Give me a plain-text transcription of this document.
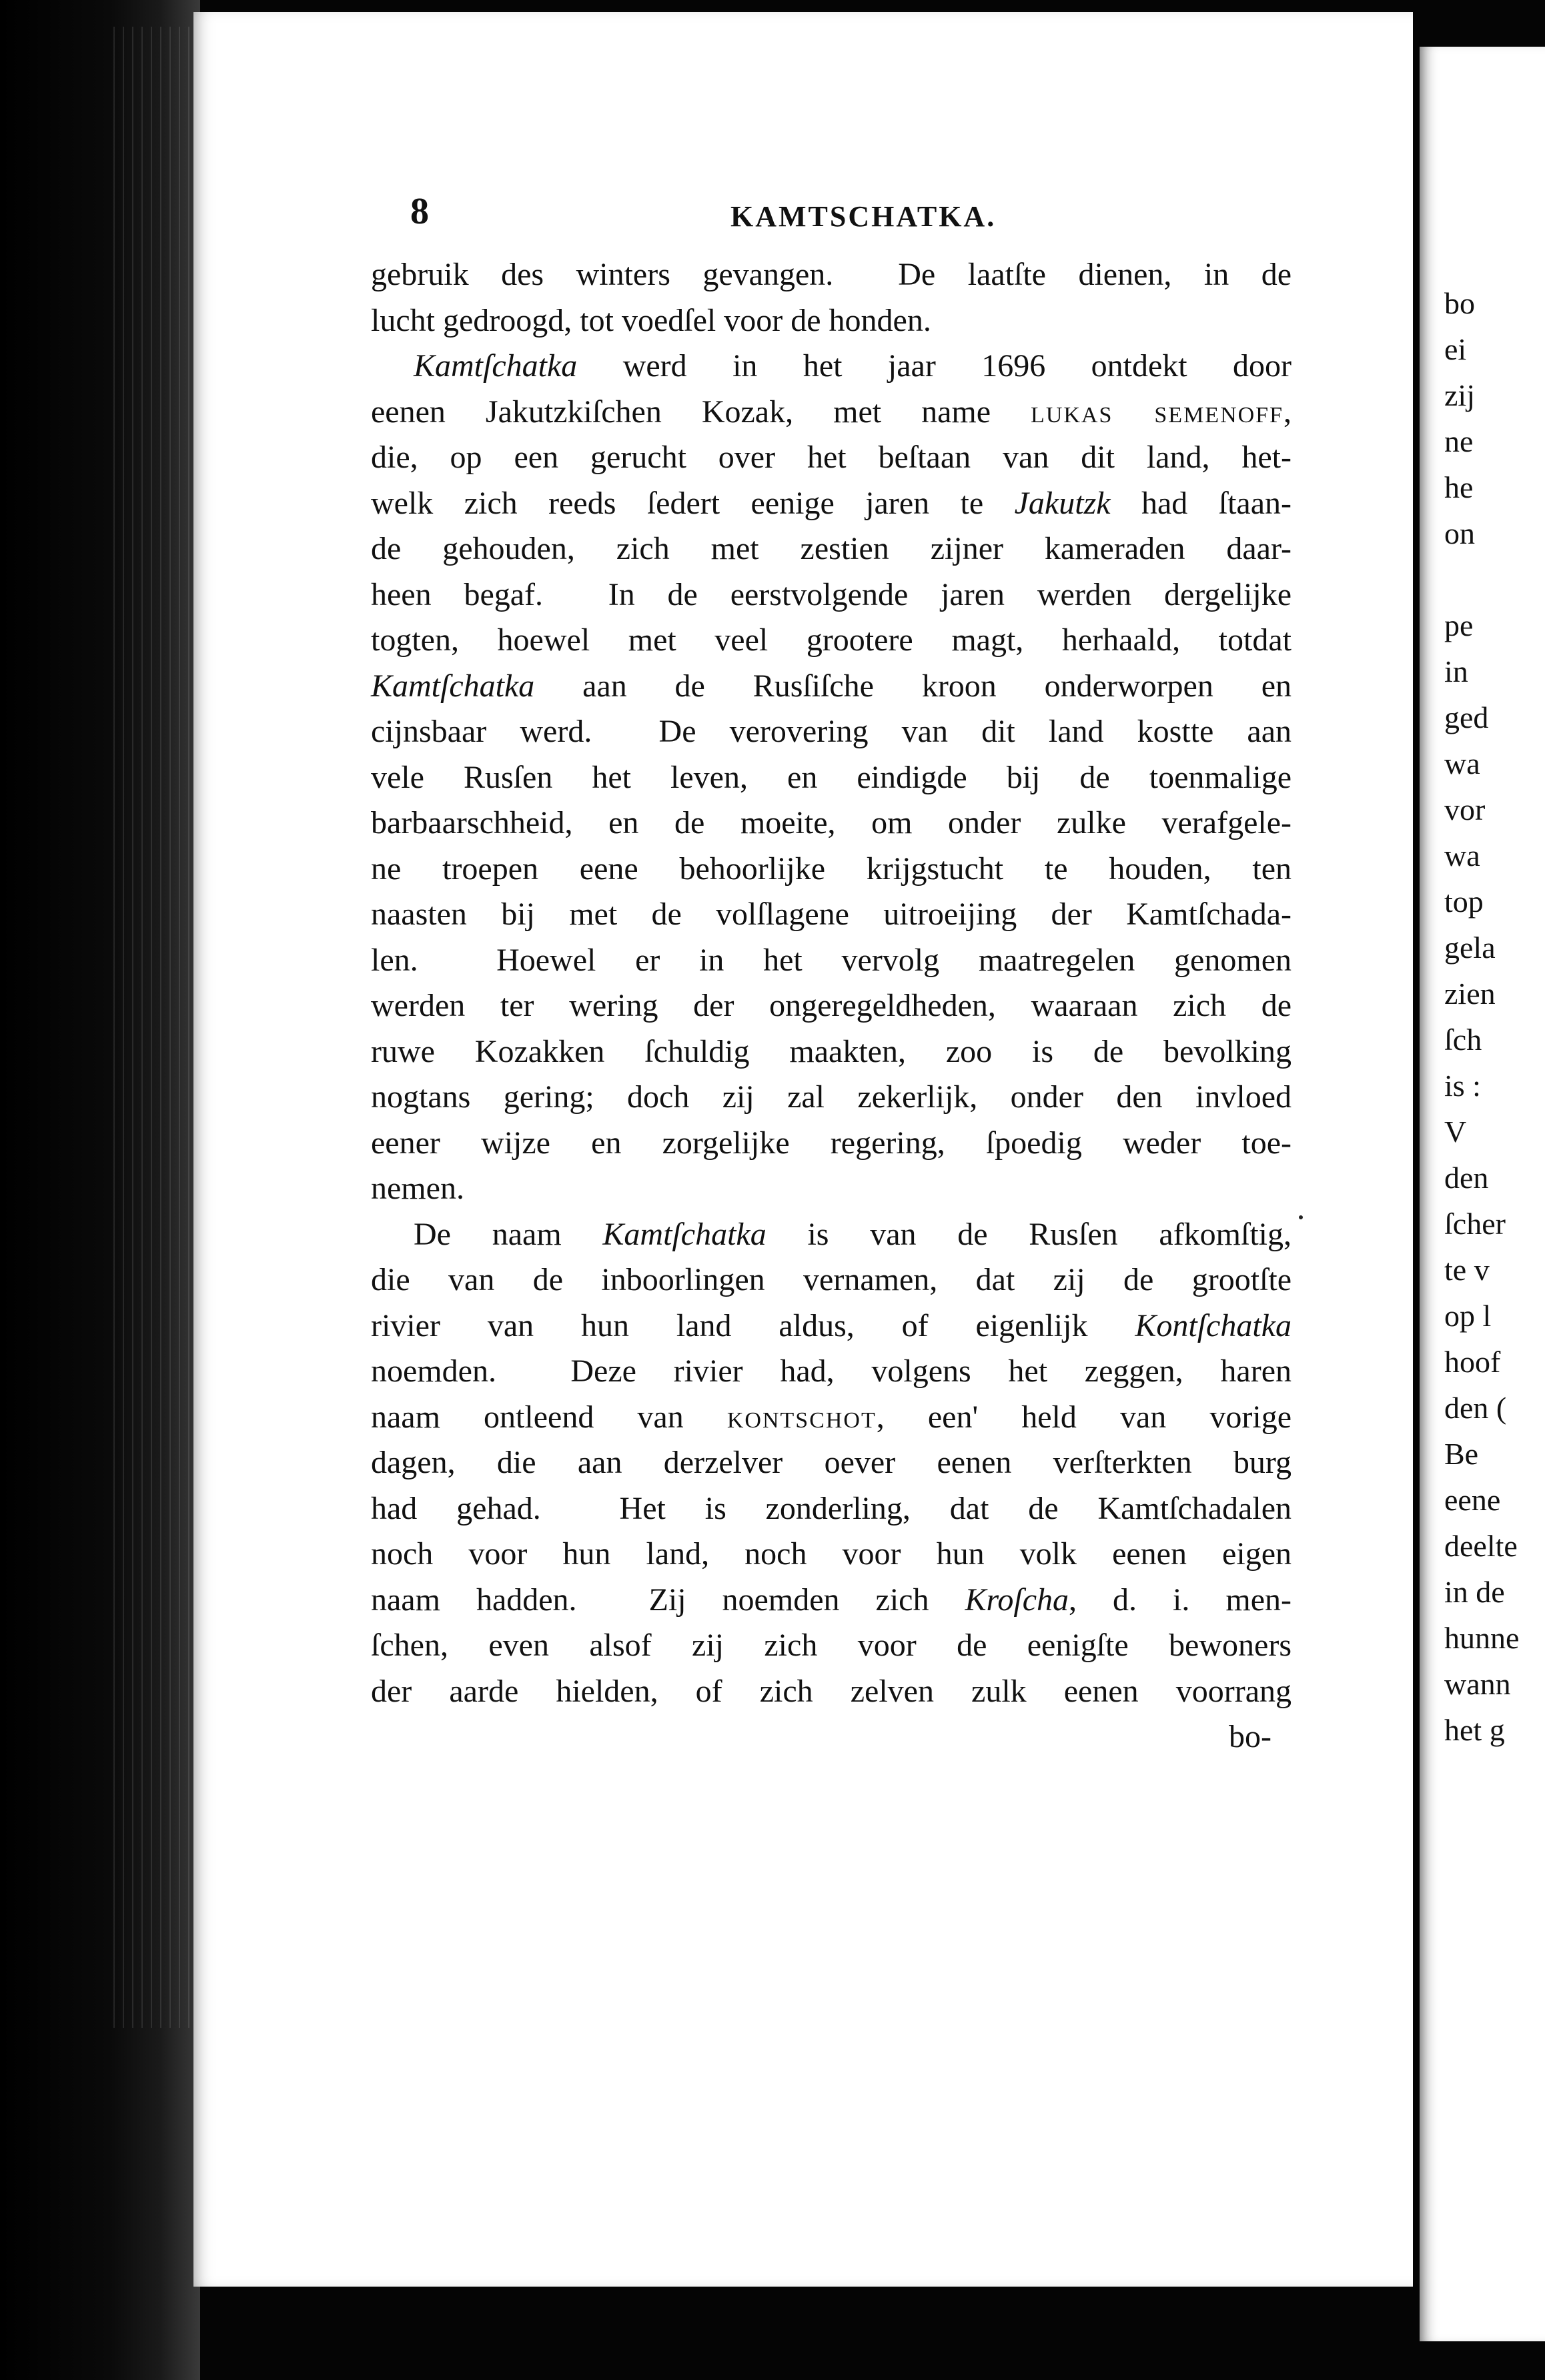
8	KAMTSCHATKA.
gebruik des winters gevangen.  De laatſte dienen, in de
lucht gedroogd, tot voedſel voor de honden.
Kamtſchatka werd in het jaar 1696 ontdekt door
eenen Jakutzkiſchen Kozak, met name lukas semenoff,
die, op een gerucht over het beſtaan van dit land, het-
welk zich reeds ſedert eenige jaren te Jakutzk had ſtaan-
de gehouden, zich met zestien zijner kameraden daar-
heen begaf.  In de eerstvolgende jaren werden dergelijke
togten, hoewel met veel grootere magt, herhaald, totdat
Kamtſchatka aan de Rusſiſche kroon onderworpen en
cijnsbaar werd.  De verovering van dit land kostte aan
vele Rusſen het leven, en eindigde bij de toenmalige
barbaarschheid, en de moeite, om onder zulke verafgele-
ne troepen eene behoorlijke krijgstucht te houden, ten
naasten bij met de volſlagene uitroeijing der Kamtſchada-
len.  Hoewel er in het vervolg maatregelen genomen
werden ter wering der ongeregeldheden, waaraan zich de
ruwe Kozakken ſchuldig maakten, zoo is de bevolking
nogtans gering; doch zij zal zekerlijk, onder den invloed
eener wijze en zorgelijke regering, ſpoedig weder toe-
nemen.
De naam Kamtſchatka is van de Rusſen afkomſtig,
die van de inboorlingen vernamen, dat zij de grootſte
rivier van hun land aldus, of eigenlijk Kontſchatka
noemden.  Deze rivier had, volgens het zeggen, haren
naam ontleend van kontschot, een' held van vorige
dagen, die aan derzelver oever eenen verſterkten burg
had gehad.  Het is zonderling, dat de Kamtſchadalen
noch voor hun land, noch voor hun volk eenen eigen
naam hadden.  Zij noemden zich Kroſcha, d. i. men-
ſchen, even alsof zij zich voor de eenigſte bewoners
der aarde hielden, of zich zelven zulk eenen voorrang
bo-
bo
ei
zij
ne
he
on
pe
in
ged
wa
vor
wa
top
gela
zien
ſch
is :
V
den
ſcher
te v
op l
hoof
den (
Be
eene
deelte
in de
hunne
wann
het g
